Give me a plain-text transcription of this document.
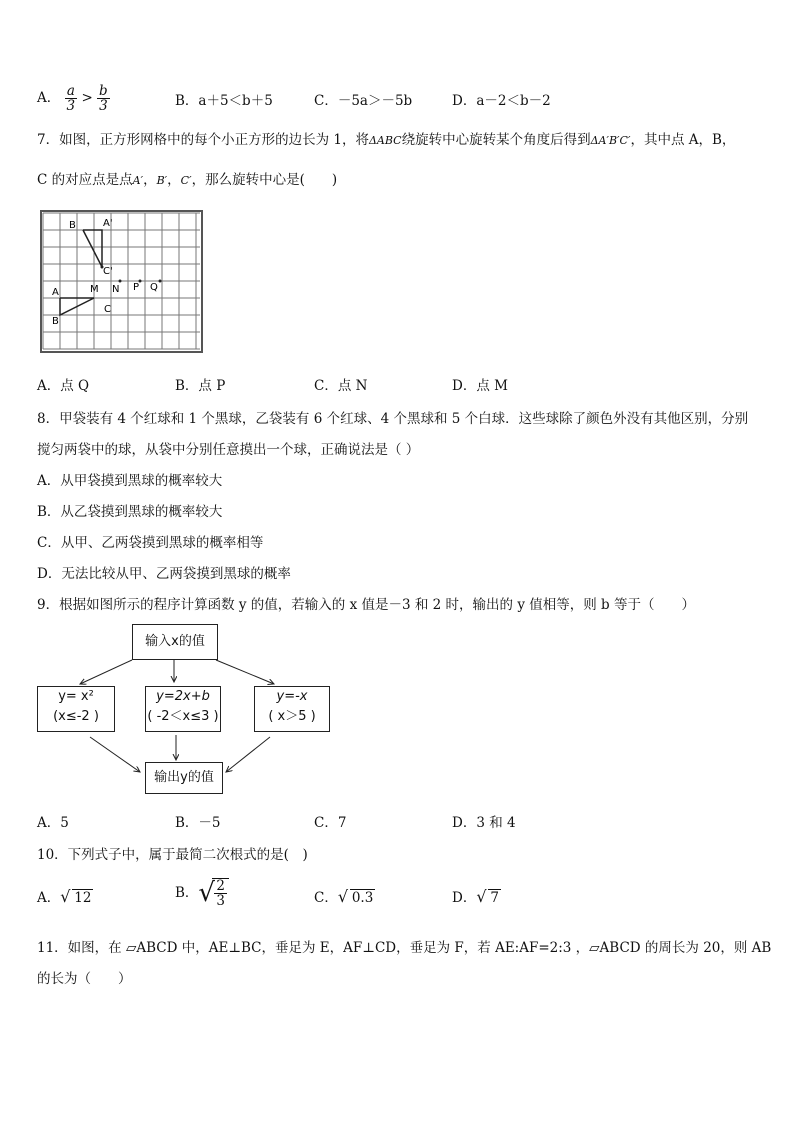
A． $\frac{a}{3} > \frac{b}{3}$	B．a＋5＜b＋5	C．－5a＞－5b	D．a－2＜b－2
7．如图，正方形网格中的每个小正方形的边长为 1，将ΔABC绕旋转中心旋转某个角度后得到ΔA′B′C′，其中点 A，B，
C 的对应点是点A′，B′，C′，那么旋转中心是(　　)
B	A'
C'
A	M N P Q
B
C
A．点 Q	B．点 P	C．点 N	D．点 M
8．甲袋装有 4 个红球和 1 个黑球，乙袋装有 6 个红球、4 个黑球和 5 个白球．这些球除了颜色外没有其他区别，分别
搅匀两袋中的球，从袋中分别任意摸出一个球，正确说法是（ ）
A．从甲袋摸到黑球的概率较大
B．从乙袋摸到黑球的概率较大
C．从甲、乙两袋摸到黑球的概率相等
D．无法比较从甲、乙两袋摸到黑球的概率
9．根据如图所示的程序计算函数 y 的值，若输入的 x 值是－3 和 2 时，输出的 y 值相等，则 b 等于（　　）
输入x的值
y= x²
(x≤-2 )
y=2x+b
( -2＜x≤3 )
y=-x
( x＞5 )
输出y的值
A．5	B．－5	C．7	D．3 和 4
10．下列式子中，属于最简二次根式的是(　)
A． √ 12	B． √ $\frac{2}{3}$	C． √ 0.3	D． √ 7
11．如图，在 ▱ABCD 中，AE⊥BC，垂足为 E，AF⊥CD，垂足为 F，若 AE:AF=2:3 ，▱ABCD 的周长为 20，则 AB
的长为（　　）
